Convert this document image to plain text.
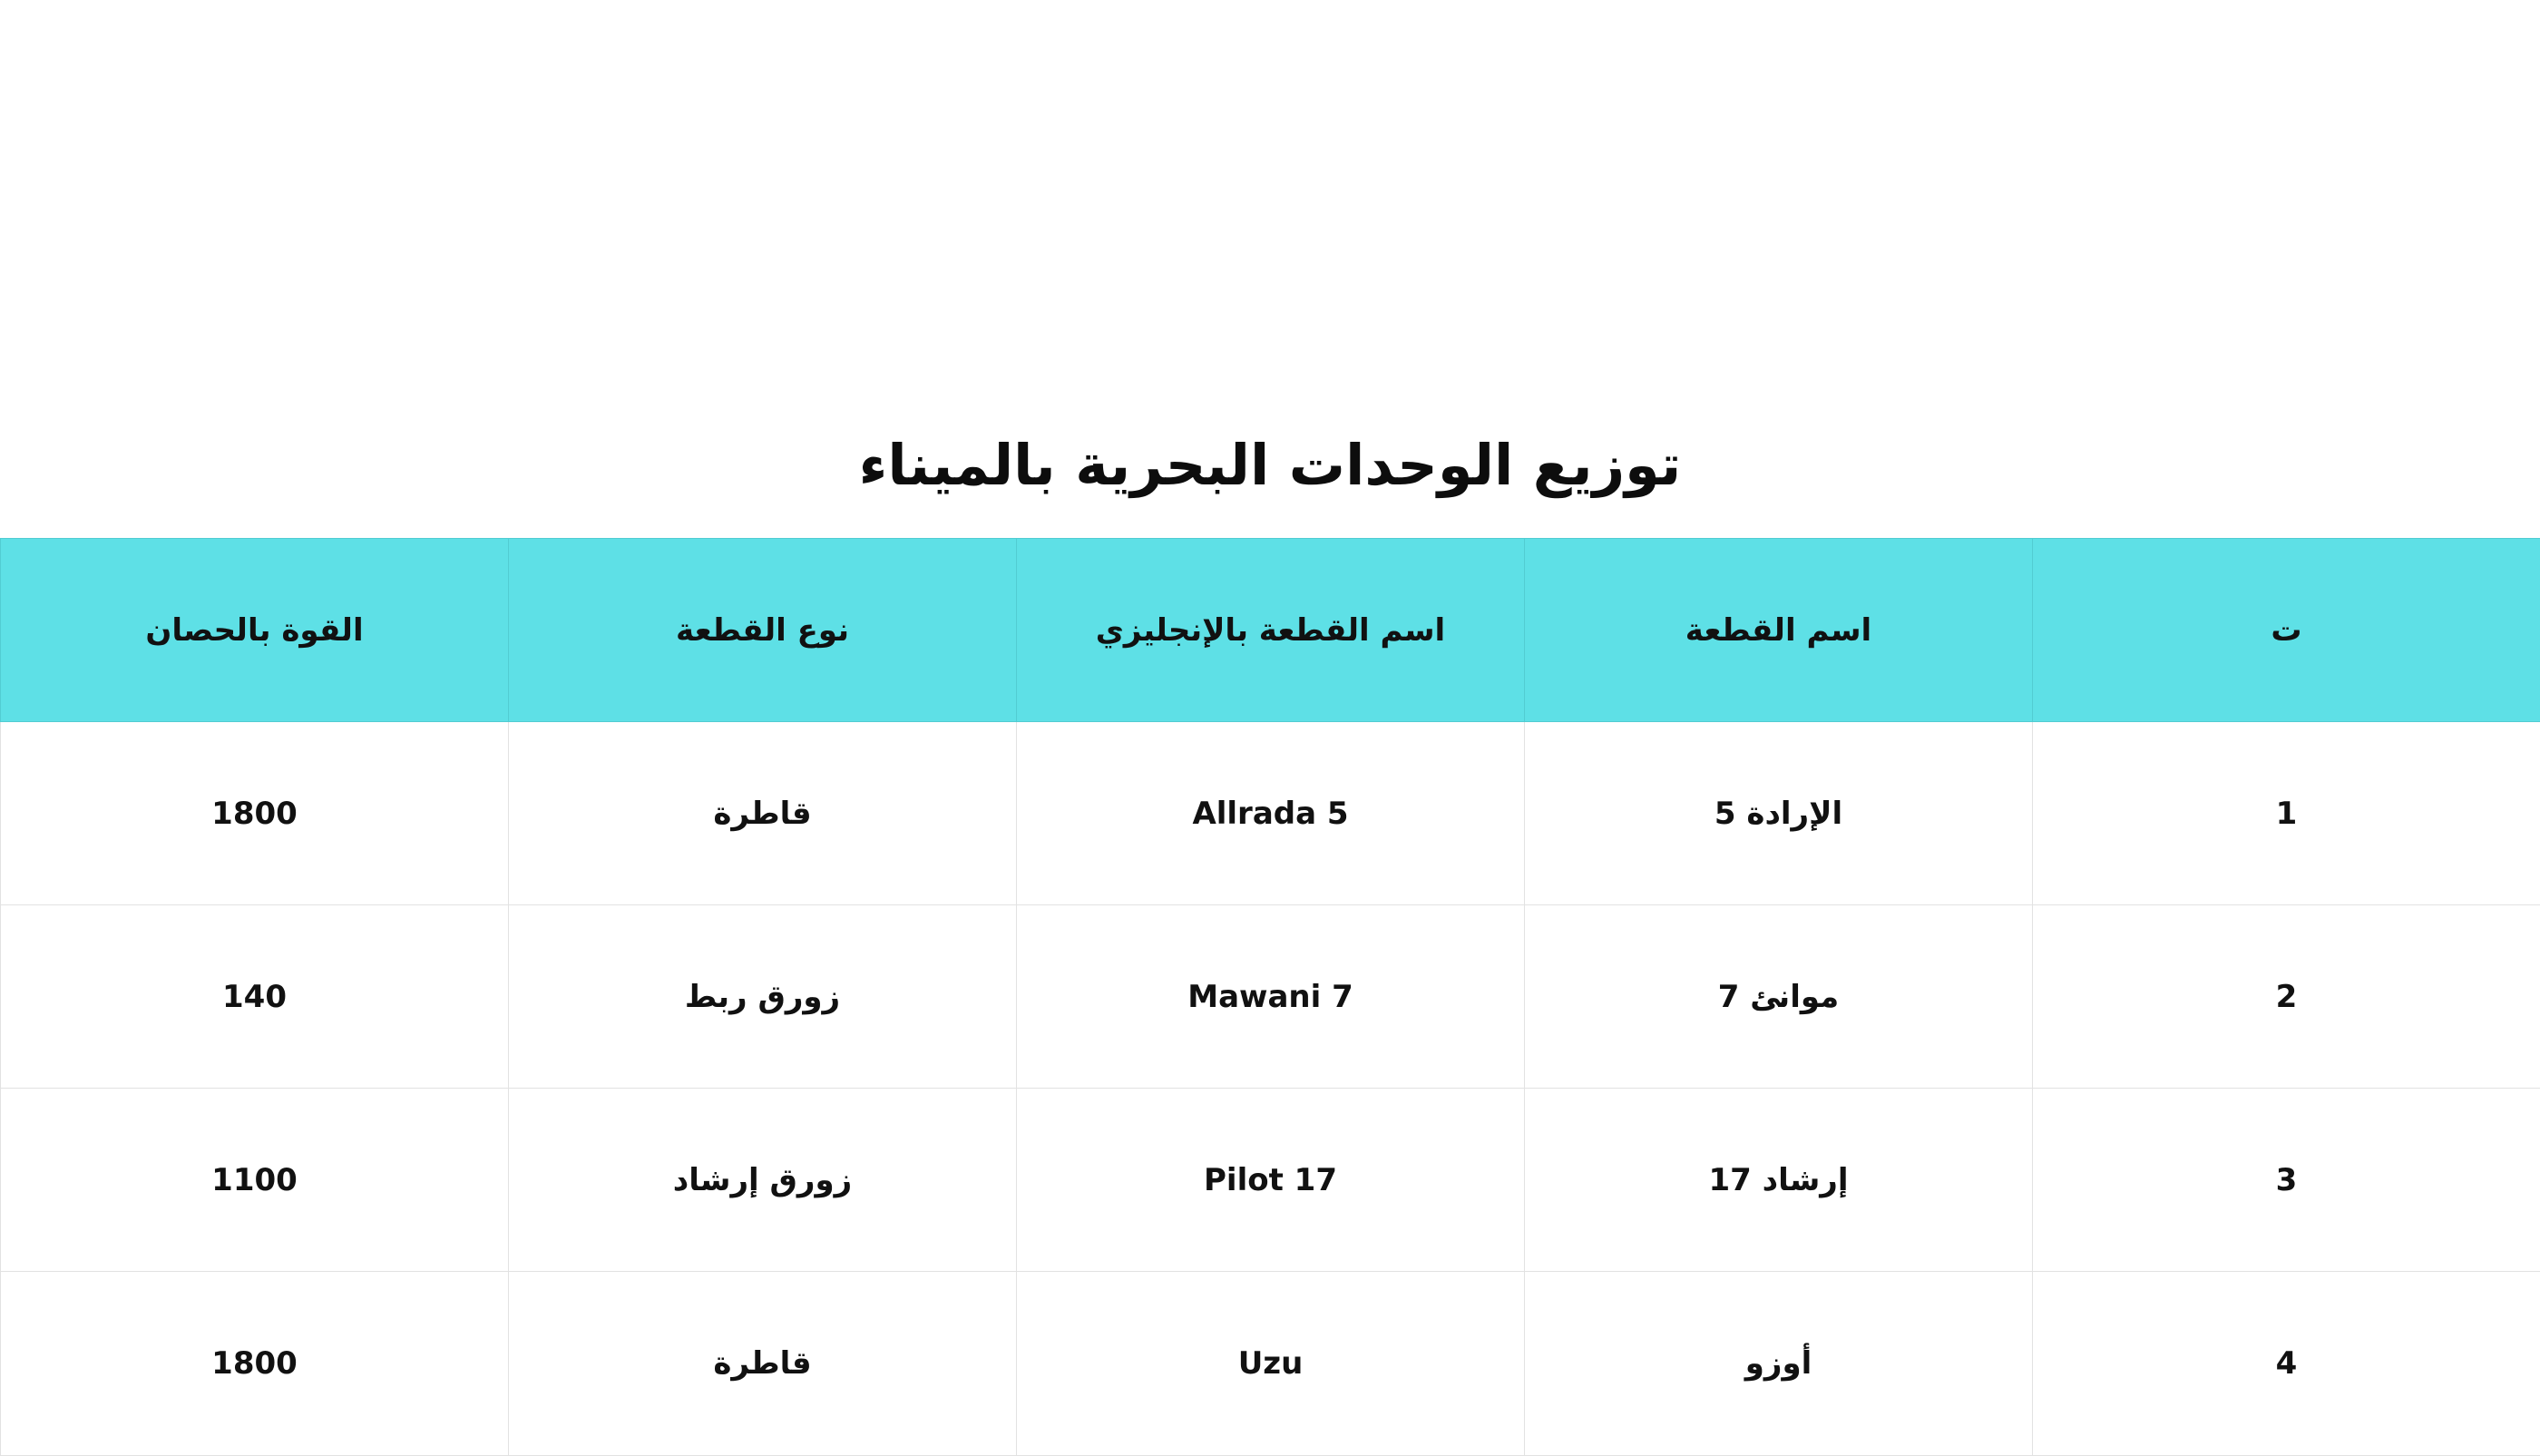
توزيع الوحدات البحرية بالميناء
ت	اسم القطعة	اسم القطعة بالإنجليزي	نوع القطعة	القوة بالحصان
1	الإرادة 5	Allrada 5	قاطرة	1800
2	موانئ 7	Mawani 7	زورق ربط	140
3	إرشاد 17	Pilot 17	زورق إرشاد	1100
4	أوزو	Uzu	قاطرة	1800
